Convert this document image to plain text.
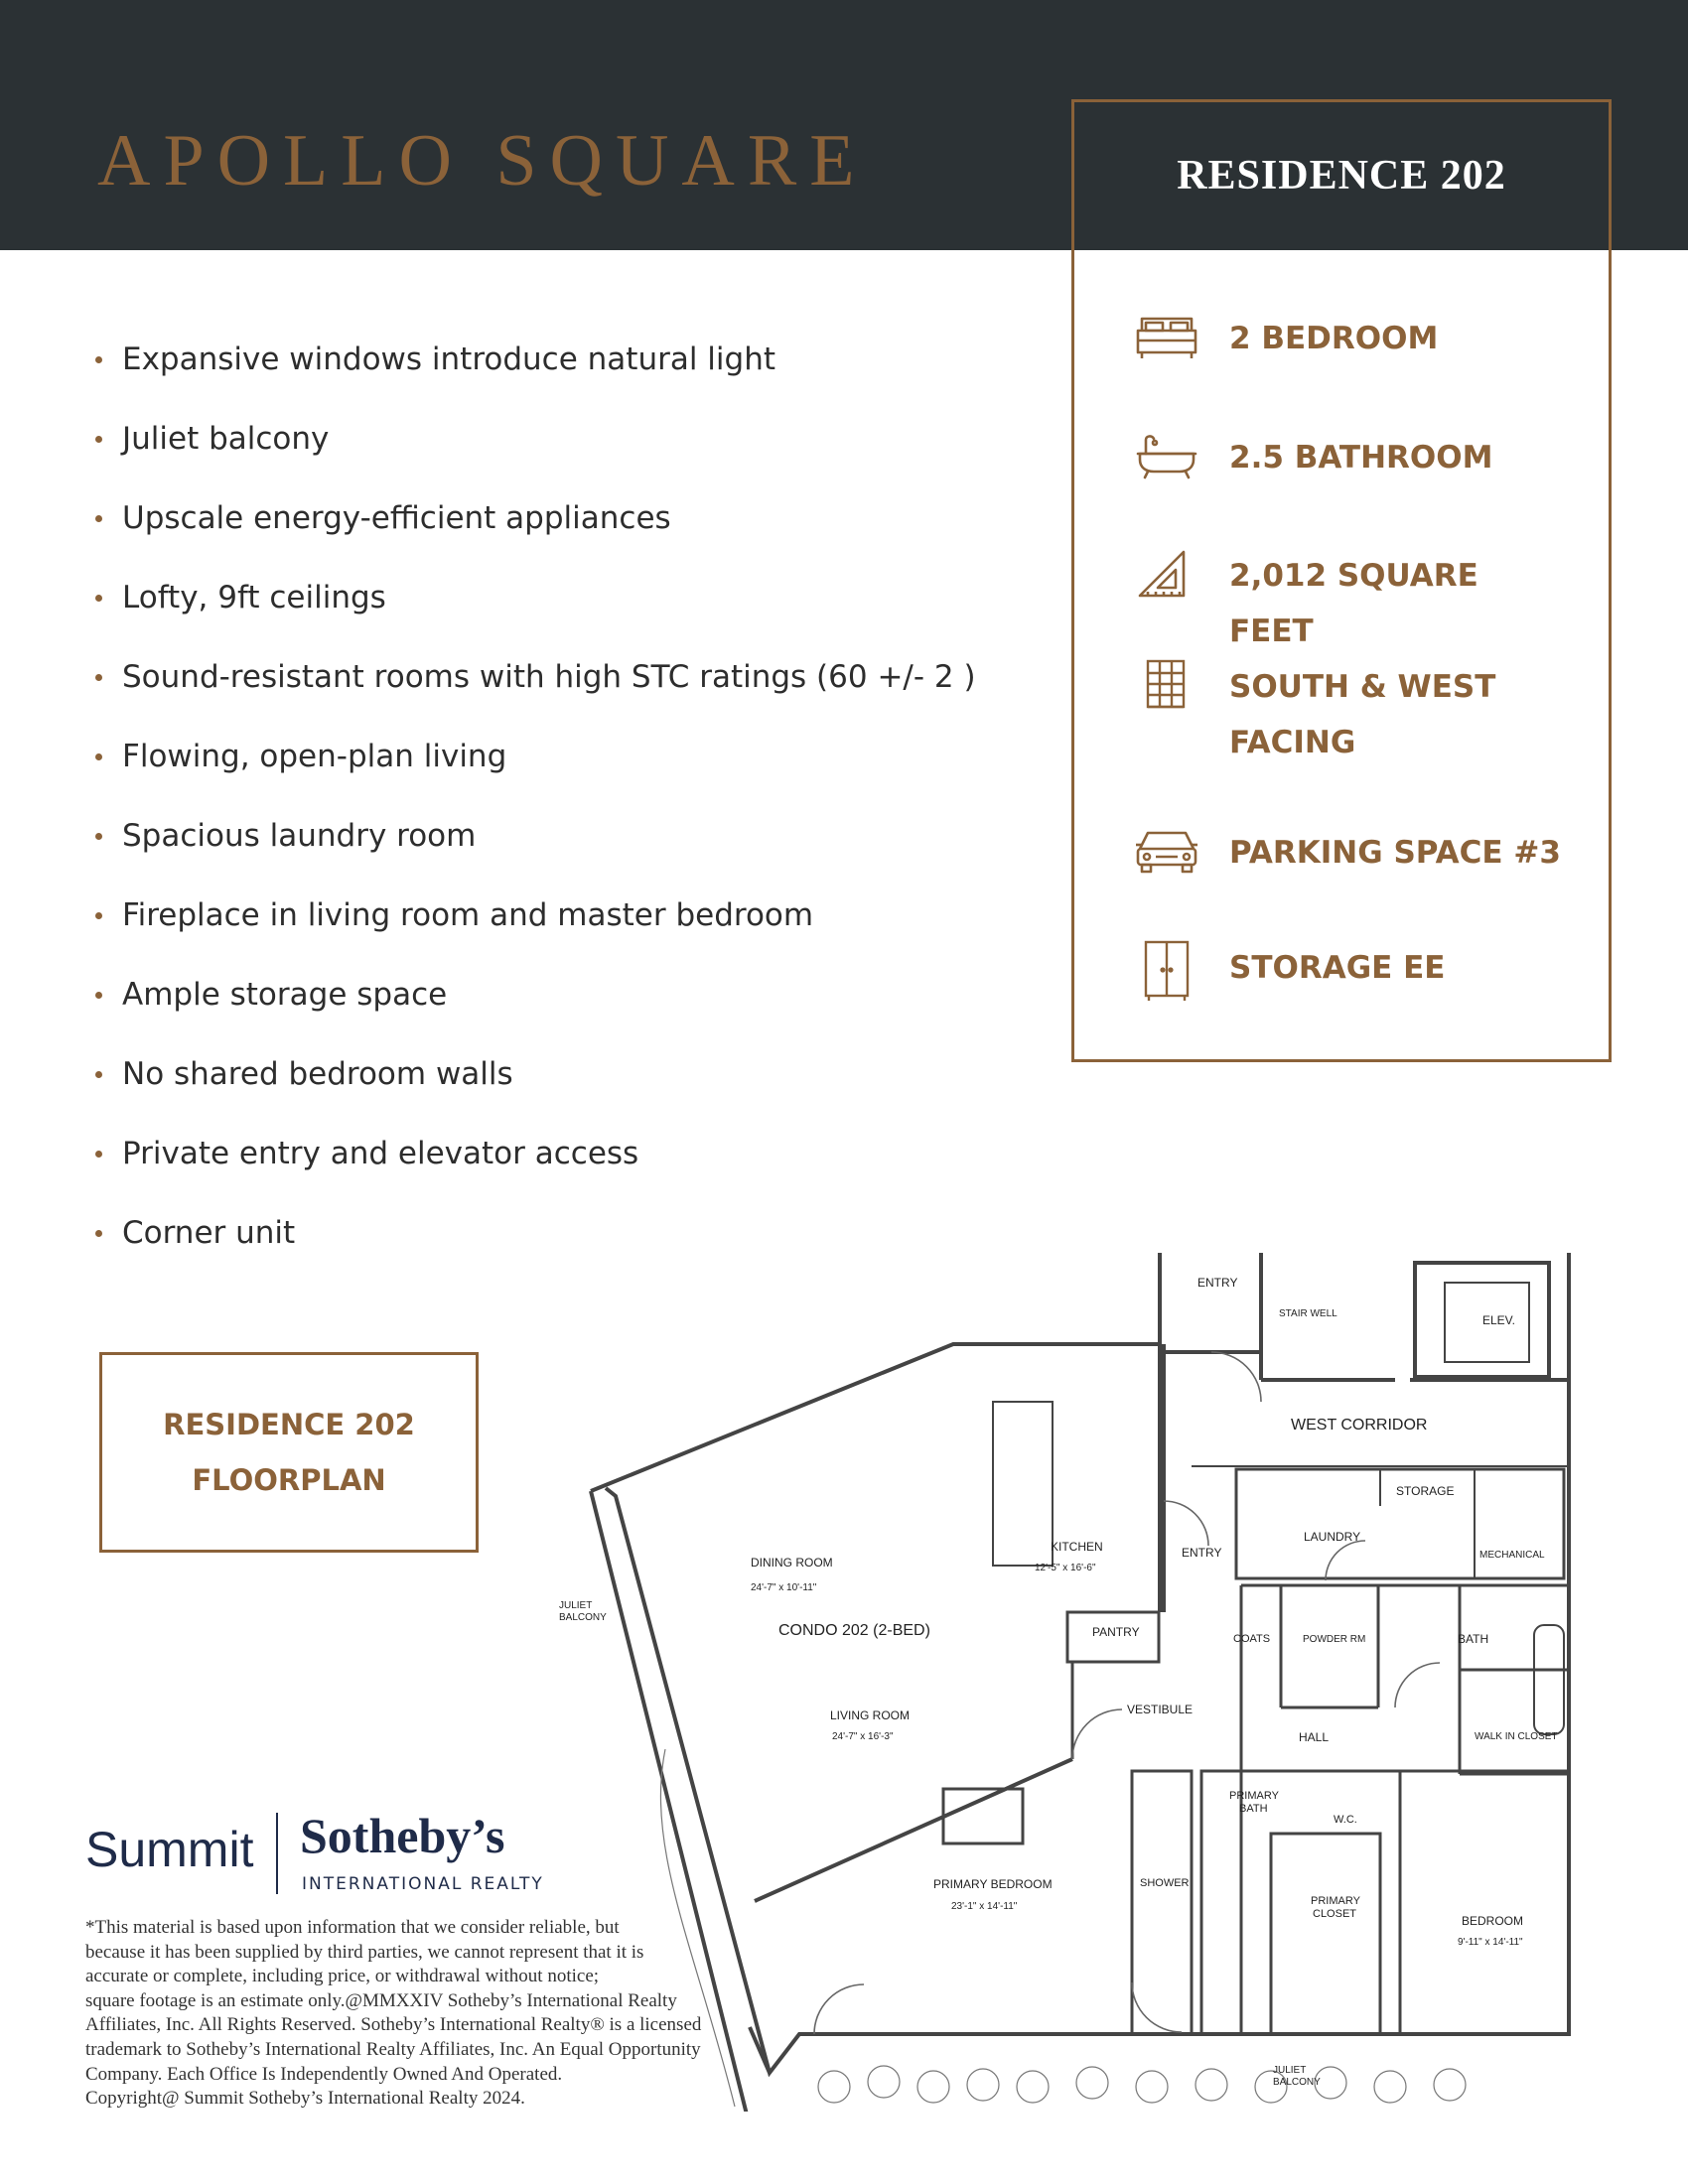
APOLLO SQUARE	RESIDENCE 202
2 BEDROOM
2.5 BATHROOM
2,012 SQUARE FEET
SOUTH & WEST FACING
PARKING SPACE #3
STORAGE EE
Expansive windows introduce natural light
Juliet balcony
Upscale energy-efficient appliances
Lofty, 9ft ceilings
Sound-resistant rooms with high STC ratings (60 +/- 2 )
Flowing, open-plan living
Spacious laundry room
Fireplace in living room and master bedroom
Ample storage space
No shared bedroom walls
Private entry and elevator access
Corner unit
RESIDENCE 202
FLOORPLAN
ENTRY
STAIR WELL	ELEV.
WEST CORRIDOR
STORAGE
LAUNDRY
MECHANICAL
ENTRY
KITCHEN
12'-5" x 16'-6"
DINING ROOM
24'-7" x 10'-11"
CONDO 202 (2-BED)
JULIET
BALCONY
PANTRY	COATS	POWDER RM	BATH
VESTIBULE
LIVING ROOM
24'-7" x 16'-3"	HALL	WALK IN CLOSET
PRIMARY
BATH
W.C.
SHOWER
PRIMARY
CLOSET
PRIMARY BEDROOM
23'-1" x 14'-11"
BEDROOM
9'-11" x 14'-11"
JULIET
BALCONY
Summit Sotheby’s
INTERNATIONAL REALTY
*This material is based upon information that we consider reliable, but
because it has been supplied by third parties, we cannot represent that it is
accurate or complete, including price, or withdrawal without notice;
square footage is an estimate only.@MMXXIV Sotheby’s International Realty
Affiliates, Inc. All Rights Reserved. Sotheby’s International Realty® is a licensed
trademark to Sotheby’s International Realty Affiliates, Inc. An Equal Opportunity
Company. Each Office Is Independently Owned And Operated.
Copyright@ Summit Sotheby’s International Realty 2024.
